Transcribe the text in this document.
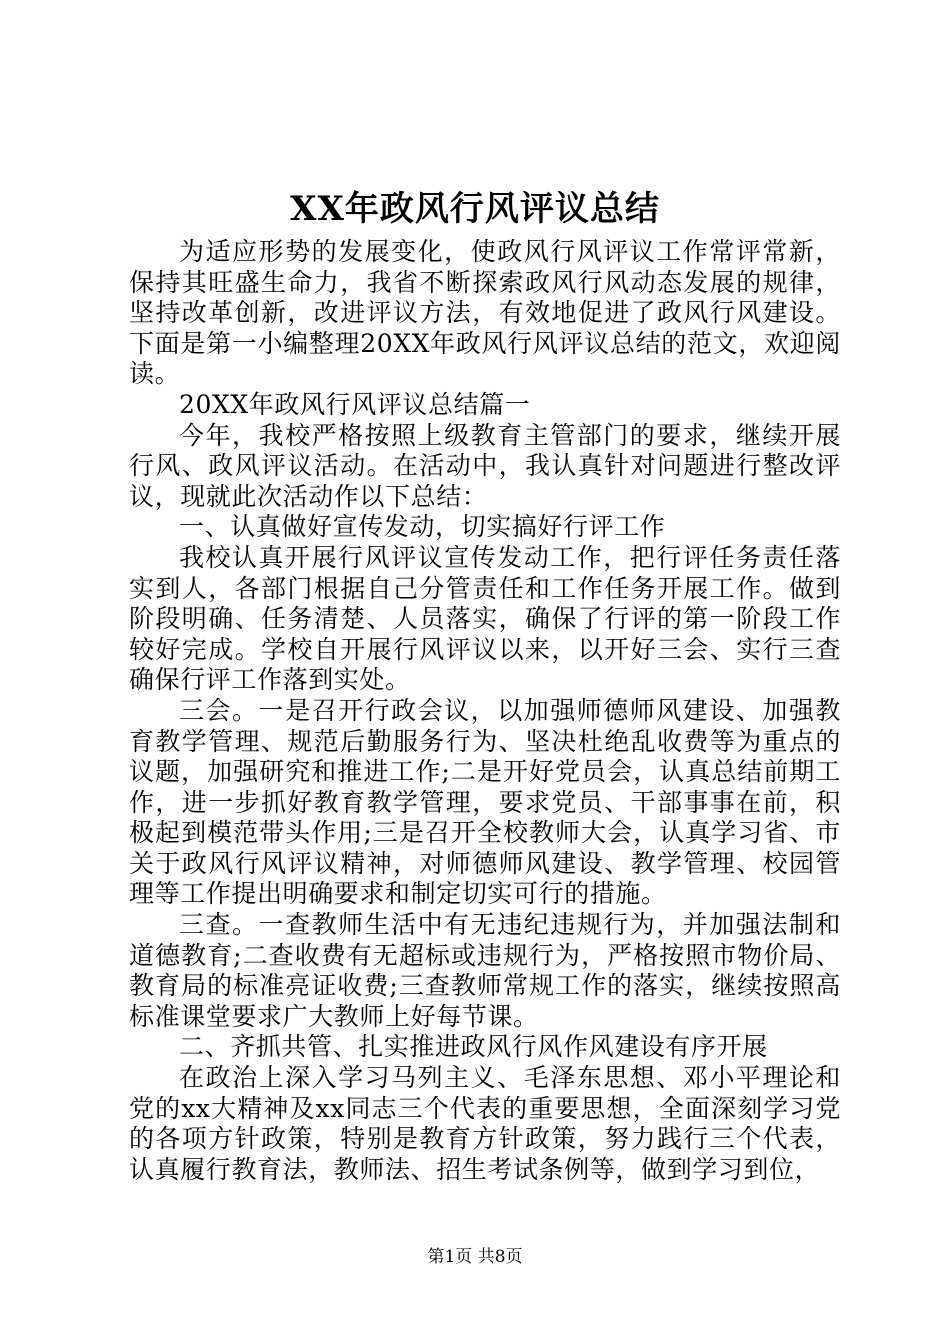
XX年政风行风评议总结

为适应形势的发展变化，使政风行风评议工作常评常新，保持其旺盛生命力，我省不断探索政风行风动态发展的规律，坚持改革创新，改进评议方法，有效地促进了政风行风建设。下面是第一小编整理20XX年政风行风评议总结的范文，欢迎阅读。

20XX年政风行风评议总结篇一

今年，我校严格按照上级教育主管部门的要求，继续开展行风、政风评议活动。在活动中，我认真针对问题进行整改评议，现就此次活动作以下总结：

一、认真做好宣传发动，切实搞好行评工作

我校认真开展行风评议宣传发动工作，把行评任务责任落实到人，各部门根据自己分管责任和工作任务开展工作。做到阶段明确、任务清楚、人员落实，确保了行评的第一阶段工作较好完成。学校自开展行风评议以来，以开好三会、实行三查确保行评工作落到实处。

三会。一是召开行政会议，以加强师德师风建设、加强教育教学管理、规范后勤服务行为、坚决杜绝乱收费等为重点的议题，加强研究和推进工作;二是开好党员会，认真总结前期工作，进一步抓好教育教学管理，要求党员、干部事事在前，积极起到模范带头作用;三是召开全校教师大会，认真学习省、市关于政风行风评议精神，对师德师风建设、教学管理、校园管理等工作提出明确要求和制定切实可行的措施。

三查。一查教师生活中有无违纪违规行为，并加强法制和道德教育;二查收费有无超标或违规行为，严格按照市物价局、教育局的标准亮证收费;三查教师常规工作的落实，继续按照高标准课堂要求广大教师上好每节课。

二、齐抓共管、扎实推进政风行风作风建设有序开展

在政治上深入学习马列主义、毛泽东思想、邓小平理论和党的xx大精神及xx同志三个代表的重要思想，全面深刻学习党的各项方针政策，特别是教育方针政策，努力践行三个代表，认真履行教育法，教师法、招生考试条例等，做到学习到位，

第1页 共8页
